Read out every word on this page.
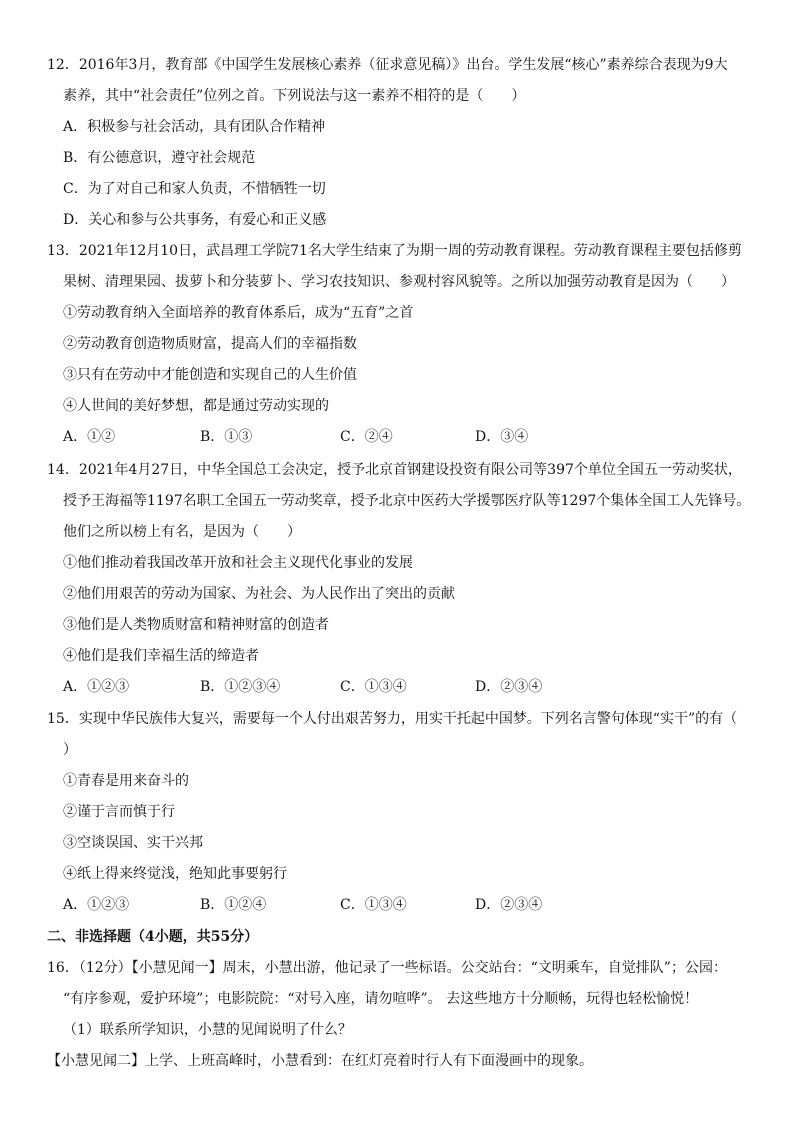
12．2016年3月，教育部《中国学生发展核心素养（征求意见稿）》出台。学生发展“核心”素养综合表现为9大
素养，其中“社会责任”位列之首。下列说法与这一素养不相符的是（　　）
A．积极参与社会活动，具有团队合作精神
B．有公德意识，遵守社会规范
C．为了对自己和家人负责，不惜牺牲一切
D．关心和参与公共事务，有爱心和正义感
13．2021年12月10日，武昌理工学院71名大学生结束了为期一周的劳动教育课程。劳动教育课程主要包括修剪
果树、清理果园、拔萝卜和分装萝卜、学习农技知识、参观村容风貌等。之所以加强劳动教育是因为（　　）
①劳动教育纳入全面培养的教育体系后，成为“五育”之首
②劳动教育创造物质财富，提高人们的幸福指数
③只有在劳动中才能创造和实现自己的人生价值
④人世间的美好梦想，都是通过劳动实现的
A．①②	B．①③	C．②④	D．③④
14．2021年4月27日，中华全国总工会决定，授予北京首钢建设投资有限公司等397个单位全国五一劳动奖状，
授予王海福等1197名职工全国五一劳动奖章，授予北京中医药大学援鄂医疗队等1297个集体全国工人先锋号。
他们之所以榜上有名，是因为（　　）
①他们推动着我国改革开放和社会主义现代化事业的发展
②他们用艰苦的劳动为国家、为社会、为人民作出了突出的贡献
③他们是人类物质财富和精神财富的创造者
④他们是我们幸福生活的缔造者
A．①②③	B．①②③④	C．①③④	D．②③④
15．实现中华民族伟大复兴，需要每一个人付出艰苦努力，用实干托起中国梦。下列名言警句体现“实干”的有（
）
①青春是用来奋斗的
②谨于言而慎于行
③空谈误国、实干兴邦
④纸上得来终觉浅，绝知此事要躬行
A．①②③	B．①②④	C．①③④	D．②③④
二、非选择题（4小题，共55分）
16．（12分）【小慧见闻一】周末，小慧出游，他记录了一些标语。公交站台：“文明乘车，自觉排队”；公园：
“有序参观，爱护环境”；电影院院：“对号入座，请勿喧哗”。 去这些地方十分顺畅，玩得也轻松愉悦！
（1）联系所学知识，小慧的见闻说明了什么？
【小慧见闻二】上学、上班高峰时，小慧看到：在红灯亮着时行人有下面漫画中的现象。
